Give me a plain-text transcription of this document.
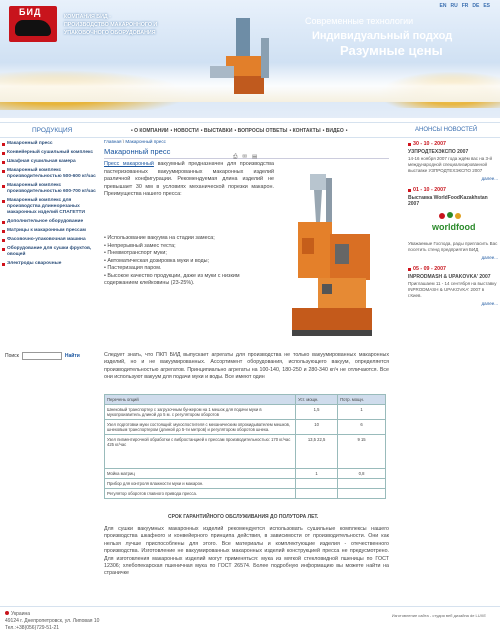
БИД	КОМПАНИЯ БИД -
ПРОИЗВОДСТВО МАКАРОННОГО И
УПАКОВОЧНОГО ОБОРУДОВАНИЯ
EN RU FR DE ES
Современные технологии
Индивидуальный подход
Разумные цены
ПРОДУКЦИЯ	АНОНСЫ НОВОСТЕЙ
• О КОМПАНИИ • НОВОСТИ • ВЫСТАВКИ • ВОПРОСЫ ОТВЕТЫ • КОНТАКТЫ • ВИДЕО •
Макаронный пресс
Конвейерный сушильный комплекс
Шкафная сушильная камера
Макаронный комплекс производительностью 500-600 кг/час
Макаронный комплекс производительностью 600-700 кг/час
Макаронный комплекс для производства длиннорезаных макаронных изделий СПАГЕТТИ
Дополнительное оборудование
Матрицы к макаронным прессам
Фасовочно-упаковочная машина
Оборудование для сушки фруктов, овощей
Электроды сварочные
Поиск	Найти
Главная \ Макаронный пресс
Макаронный пресс
⎙ ✉ ▤
Пресс макаронный вакуумный предназначен для производства пастеризованных вакуумированных макаронных изделий различной конфигурации. Рекомендуемая длина изделий не превышает 30 мм в условиях механической порезки макарон. Преимущества нашего пресса:
• Использование вакуума на стадии замеса;
• Непрерывный замес теста;
• Пневмотранспорт муки;
• Автоматическая дозировка муки и воды;
• Пастеризация паром.
• Высокое качество продукции, даже из муки с низким содержанием клейковины (23-25%).
Следует знать, что ПКП БИД выпускает агрегаты для производства не только вакуумированных макаронных изделий, но и не вакуумированных. Ассортимент оборудования, использующего вакуум, определяется производительностью агрегатов. Принципиально агрегаты на 100-140, 180-250 и 280-340 кг/ч не отличаются. Все они используют вакуум для подачи муки и воды. Все имеют один
Перечень опций	Уст. мощн.	Потр. мощн.
Шнековый транспортер с загрузочным бункером на 1 мешок для подачи муки в мукопроизвитель длиной до 5 м. с регулятором оборотов	1,5	1
Узел подготовки муки состоящий: мукоспостителя с механическим опрокидывателем мешков, шнековым транспортером (длиной до 5-ти метров) и регулятором оборотов шнека.	10	6
Узел пигментирочной обработки с вибростанцией к прессам производительностью: 170 кг/час 425 кг/час	13,5 22,5	9 15
Мойка матриц	1	0,8
Прибор для контроля влажности муки и макарон.		
Регулятор оборотов главного привода пресса.		
СРОК ГАРАНТИЙНОГО ОБСЛУЖИВАНИЯ ДО ПОЛУТОРА ЛЕТ.
Для сушки вакуумных макаронных изделий рекомендуется использовать сушильные комплексы нашего производства шкафного и конвейерного принципа действия, в зависимости от производительности. Они как нельзя лучше приспособлены для этого. Все материалы и комплектующие изделия - отечественного производства. Изготовление не вакуумированных макаронных изделий конструкцией пресса не предусмотрено. Для изготовления макаронных изделий могут применяться: мука из мягкой стекловидной пшеницы по ГОСТ 12306; хлебопекарская пшеничная мука по ГОСТ 26574. Более подробную информацию вы можете найти на страничке
30 - 10 - 2007
УЗПРОДТЕХЭКСПО 2007
14-16 ноября 2007 года ждём вас на 3-й международной специализированной выставке УЗПРОДТЕХЭКСПО 2007
далее...
01 - 10 - 2007
Выставка WorldFoodKazakhstan 2007
worldfood
Уважаемые Господа, рады пригласить Вас посетить стенд предприятия БИД
далее...
05 - 09 - 2007
INPRODMASH & UPAKOVKA' 2007
Приглашаем 11 - 14 сентября на выставку INPRODMASH & UPAKOVKA' 2007 в г.Киев.
далее...
Украина
49124 г. Днепропетровск, ул. Липовая 10
Тел.:+38(056)729-51-21
Изготовление сайта - студия веб дизайна de LUXE
